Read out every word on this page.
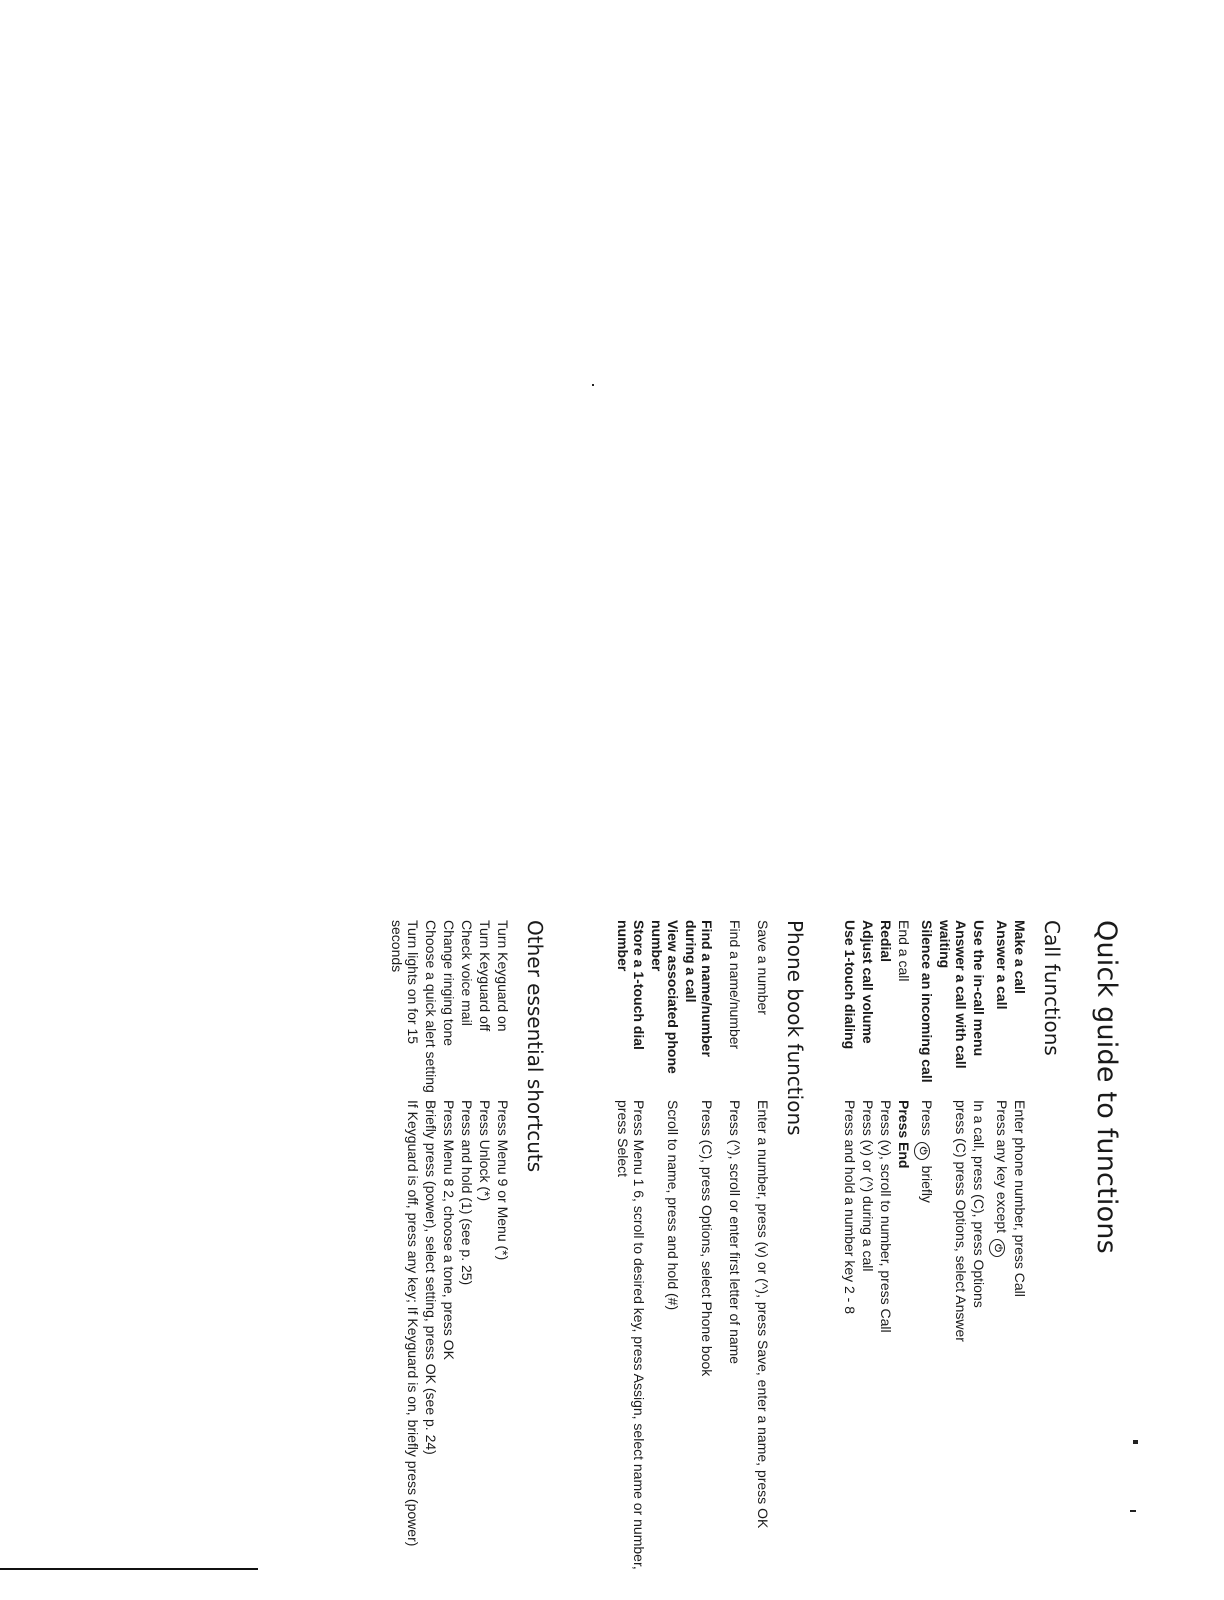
Quick guide to functions
Call functions
Make a call
Enter phone number, press Call
Answer a call
Press any key except ⏻
Use the in-call menu
In a call, press (C), press Options
Answer a call with call waiting
press (C) press Options, select Answer
Silence an incoming call
Press ⏻ briefly
End a call
Press End
Redial
Press (v), scroll to number, press Call
Adjust call volume
Press (v) or (^) during a call
Use 1-touch dialing
Press and hold a number key 2 - 8
Phone book functions
Save a number
Enter a number, press (v) or (^), press Save, enter a name, press OK
Find a name/number
Press (^), scroll or enter first letter of name
Find a name/number during a call
Press (C), press Options, select Phone book
View associated phone number
Scroll to name, press and hold (#)
Store a 1-touch dial number
Press Menu 1 6, scroll to desired key, press Assign, select name or number, press Select
Other essential shortcuts
Turn Keyguard on
Press Menu 9 or Menu (*)
Turn Keyguard off
Press Unlock (*)
Check voice mail
Press and hold (1) (see p. 25)
Change ringing tone
Press Menu 8 2, choose a tone, press OK
Choose a quick alert setting
Briefly press (power), select setting, press OK (see p. 24)
Turn lights on for 15 seconds
If Keyguard is off, press any key; If Keyguard is on, briefly press (power)
